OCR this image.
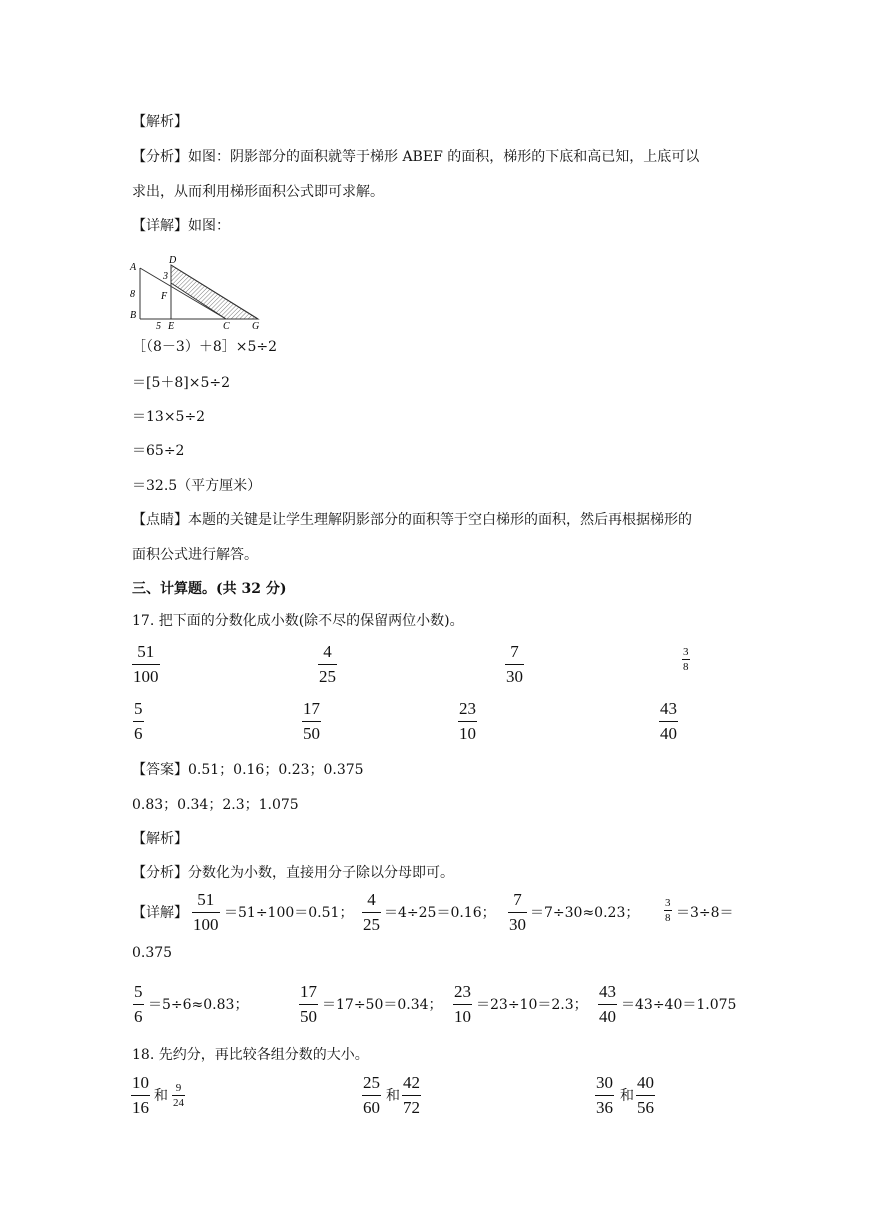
【解析】
【分析】如图：阴影部分的面积就等于梯形 ABEF 的面积，梯形的下底和高已知，上底可以
求出，从而利用梯形面积公式即可求解。
【详解】如图：
A
8
B
D
3
F
5 E	C G
［（8－3）＋8］×5÷2
＝[5＋8]×5÷2
＝13×5÷2
＝65÷2
＝32.5（平方厘米）
【点睛】本题的关键是让学生理解阴影部分的面积等于空白梯形的面积，然后再根据梯形的
面积公式进行解答。
三、计算题。(共 32 分)
17. 把下面的分数化成小数(除不尽的保留两位小数)。
51
100
4
25
7
30
3
8
5
6
17
50
23
10
43
40
【答案】0.51；0.16；0.23；0.375
0.83；0.34；2.3；1.075
【解析】
【分析】分数化为小数，直接用分子除以分母即可。
【详解】
51
100
＝51÷100＝0.51；
4
25
＝4÷25＝0.16；
7
30
＝7÷30≈0.23；
3
8 ＝3÷8＝
0.375
5
6
＝5÷6≈0.83；
17
50
＝17÷50＝0.34；
23
10
＝23÷10＝2.3；
43
40
＝43÷40＝1.075
18. 先约分，再比较各组分数的大小。
10
16
和 9
24
25
60
和
42
72
30
36
和
40
56
